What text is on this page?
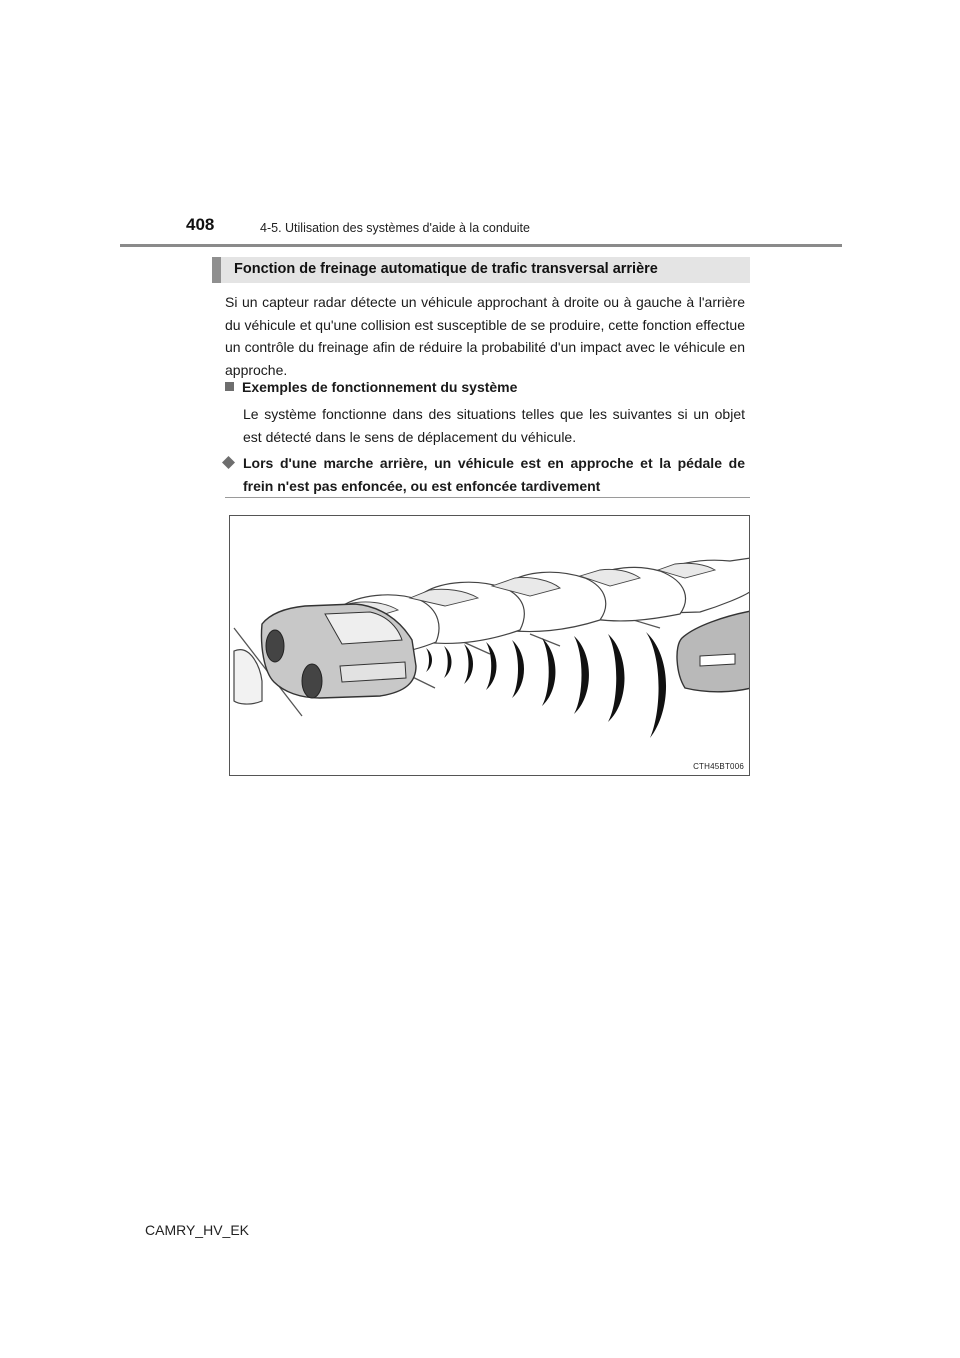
408	4-5. Utilisation des systèmes d'aide à la conduite
Fonction de freinage automatique de trafic transversal arrière

Si un capteur radar détecte un véhicule approchant à droite ou à gauche à l'arrière du véhicule et qu'une collision est susceptible de se produire, cette fonction effectue un contrôle du freinage afin de réduire la probabilité d'un impact avec le véhicule en approche.

Exemples de fonctionnement du système

Le système fonctionne dans des situations telles que les suivantes si un objet est détecté dans le sens de déplacement du véhicule.

Lors d'une marche arrière, un véhicule est en approche et la pédale de frein n'est pas enfoncée, ou est enfoncée tardivement

CTH45BT006
CAMRY_HV_EK
